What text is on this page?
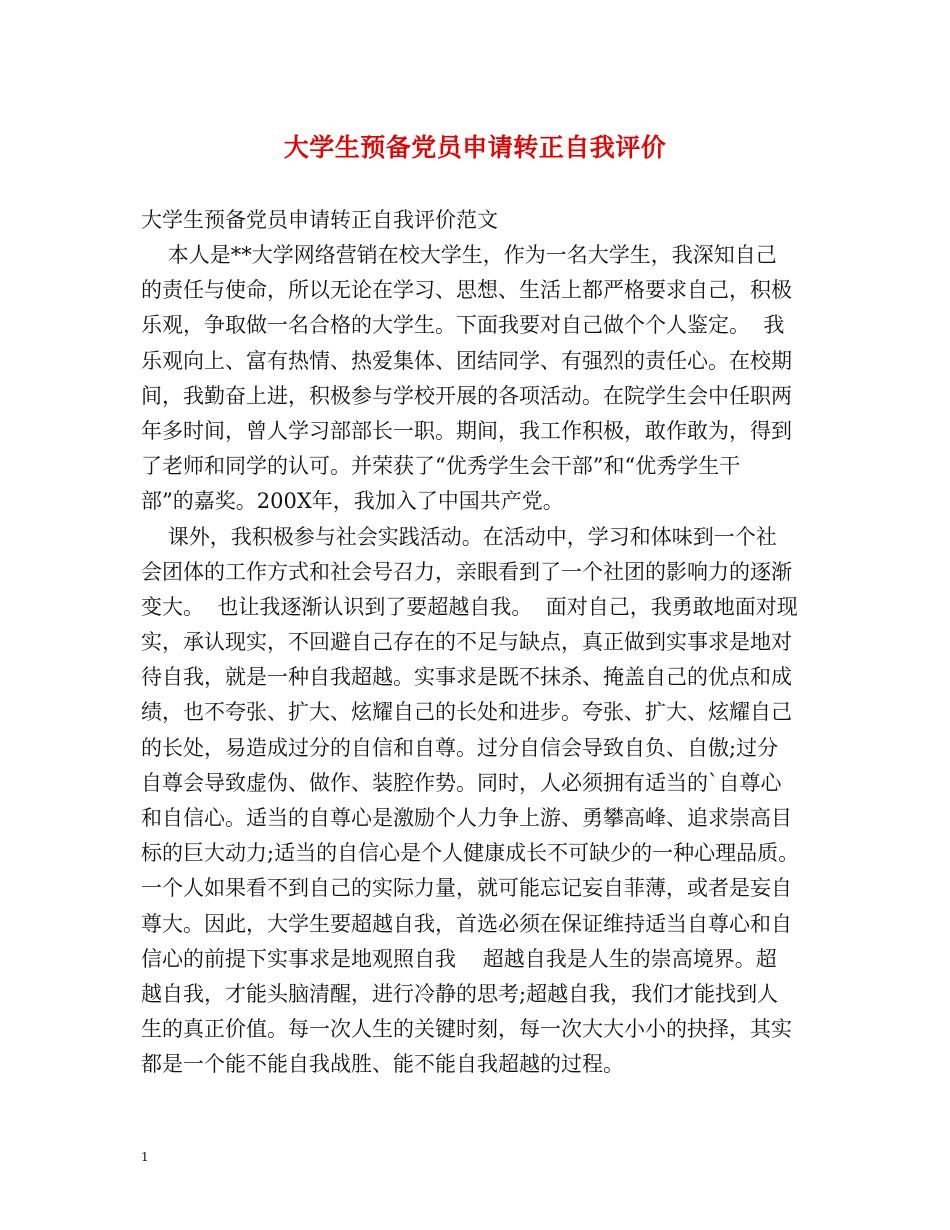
大学生预备党员申请转正自我评价
大学生预备党员申请转正自我评价范文
本人是**大学网络营销在校大学生，作为一名大学生，我深知自己
的责任与使命，所以无论在学习、思想、生活上都严格要求自己，积极
乐观，争取做一名合格的大学生。下面我要对自己做个个人鉴定。  我
乐观向上、富有热情、热爱集体、团结同学、有强烈的责任心。在校期
间，我勤奋上进，积极参与学校开展的各项活动。在院学生会中任职两
年多时间，曾人学习部部长一职。期间，我工作积极，敢作敢为，得到
了老师和同学的认可。并荣获了“优秀学生会干部”和“优秀学生干
部”的嘉奖。200X年，我加入了中国共产党。
课外，我积极参与社会实践活动。在活动中，学习和体味到一个社
会团体的工作方式和社会号召力，亲眼看到了一个社团的影响力的逐渐
变大。  也让我逐渐认识到了要超越自我。  面对自己，我勇敢地面对现
实，承认现实，不回避自己存在的不足与缺点，真正做到实事求是地对
待自我，就是一种自我超越。实事求是既不抹杀、掩盖自己的优点和成
绩，也不夸张、扩大、炫耀自己的长处和进步。夸张、扩大、炫耀自己
的长处，易造成过分的自信和自尊。过分自信会导致自负、自傲;过分
自尊会导致虚伪、做作、装腔作势。同时，人必须拥有适当的`自尊心
和自信心。适当的自尊心是激励个人力争上游、勇攀高峰、追求崇高目
标的巨大动力;适当的自信心是个人健康成长不可缺少的一种心理品质。
一个人如果看不到自己的实际力量，就可能忘记妄自菲薄，或者是妄自
尊大。因此，大学生要超越自我，首选必须在保证维持适当自尊心和自
信心的前提下实事求是地观照自我    超越自我是人生的崇高境界。超
越自我，才能头脑清醒，进行冷静的思考;超越自我，我们才能找到人
生的真正价值。每一次人生的关键时刻，每一次大大小小的抉择，其实
都是一个能不能自我战胜、能不能自我超越的过程。
1
